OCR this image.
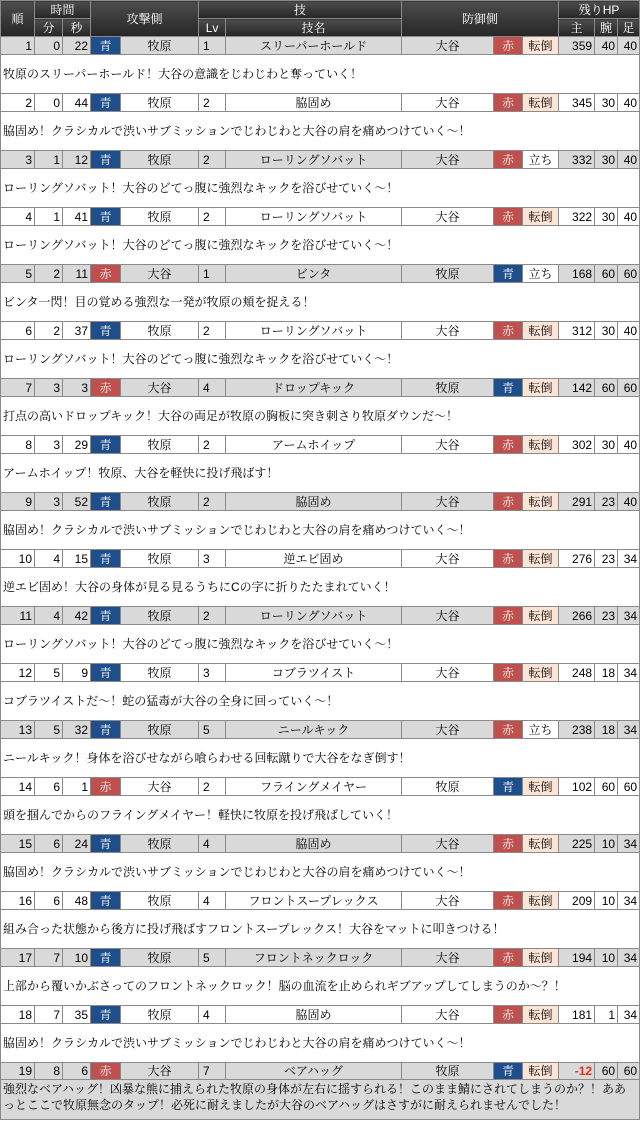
順	時間		攻撃側		技		防御側			残りHP		
	分	秒			Lv	技名				主	腕	足
1	0	22	青	牧原	1	スリーパーホールド	大谷	赤	転倒	359	40	40
牧原のスリーパーホールド！大谷の意識をじわじわと奪っていく！												
2	0	44	青	牧原	2	脇固め	大谷	赤	転倒	345	30	40
脇固め！クラシカルで渋いサブミッションでじわじわと大谷の肩を痛めつけていく～！												
3	1	12	青	牧原	2	ローリングソバット	大谷	赤	立ち	332	30	40
ローリングソバット！大谷のどてっ腹に強烈なキックを浴びせていく～！												
4	1	41	青	牧原	2	ローリングソバット	大谷	赤	転倒	322	30	40
ローリングソバット！大谷のどてっ腹に強烈なキックを浴びせていく～！												
5	2	11	赤	大谷	1	ビンタ	牧原	青	立ち	168	60	60
ビンタ一閃！目の覚める強烈な一発が牧原の頬を捉える！												
6	2	37	青	牧原	2	ローリングソバット	大谷	赤	転倒	312	30	40
ローリングソバット！大谷のどてっ腹に強烈なキックを浴びせていく～！												
7	3	3	赤	大谷	4	ドロップキック	牧原	青	転倒	142	60	60
打点の高いドロップキック！大谷の両足が牧原の胸板に突き刺さり牧原ダウンだ～！												
8	3	29	青	牧原	2	アームホイップ	大谷	赤	転倒	302	30	40
アームホイップ！牧原、大谷を軽快に投げ飛ばす！												
9	3	52	青	牧原	2	脇固め	大谷	赤	転倒	291	23	40
脇固め！クラシカルで渋いサブミッションでじわじわと大谷の肩を痛めつけていく～！												
10	4	15	青	牧原	3	逆エビ固め	大谷	赤	転倒	276	23	34
逆エビ固め！大谷の身体が見る見るうちにCの字に折りたたまれていく！												
11	4	42	青	牧原	2	ローリングソバット	大谷	赤	転倒	266	23	34
ローリングソバット！大谷のどてっ腹に強烈なキックを浴びせていく～！												
12	5	9	青	牧原	3	コブラツイスト	大谷	赤	転倒	248	18	34
コブラツイストだ～！蛇の猛毒が大谷の全身に回っていく～！												
13	5	32	青	牧原	5	ニールキック	大谷	赤	立ち	238	18	34
ニールキック！身体を浴びせながら喰らわせる回転蹴りで大谷をなぎ倒す！												
14	6	1	赤	大谷	2	フライングメイヤー	牧原	青	転倒	102	60	60
頭を掴んでからのフライングメイヤー！軽快に牧原を投げ飛ばしていく！												
15	6	24	青	牧原	4	脇固め	大谷	赤	転倒	225	10	34
脇固め！クラシカルで渋いサブミッションでじわじわと大谷の肩を痛めつけていく～！												
16	6	48	青	牧原	4	フロントスープレックス	大谷	赤	転倒	209	10	34
組み合った状態から後方に投げ飛ばすフロントスープレックス！大谷をマットに叩きつける！												
17	7	10	青	牧原	5	フロントネックロック	大谷	赤	転倒	194	10	34
上部から覆いかぶさってのフロントネックロック！脳の血流を止められギブアップしてしまうのか～？！												
18	7	35	青	牧原	4	脇固め	大谷	赤	転倒	181	1	34
脇固め！クラシカルで渋いサブミッションでじわじわと大谷の肩を痛めつけていく～！												
19	8	6	赤	大谷	7	ベアハッグ	牧原	青	転倒	-12	60	60
強烈なベアハッグ！凶暴な熊に捕えられた牧原の身体が左右に揺すられる！このまま鯖にされてしまうのか？！ああっとここで牧原無念のタップ！必死に耐えましたが大谷のベアハッグはさすがに耐えられませんでした！												
